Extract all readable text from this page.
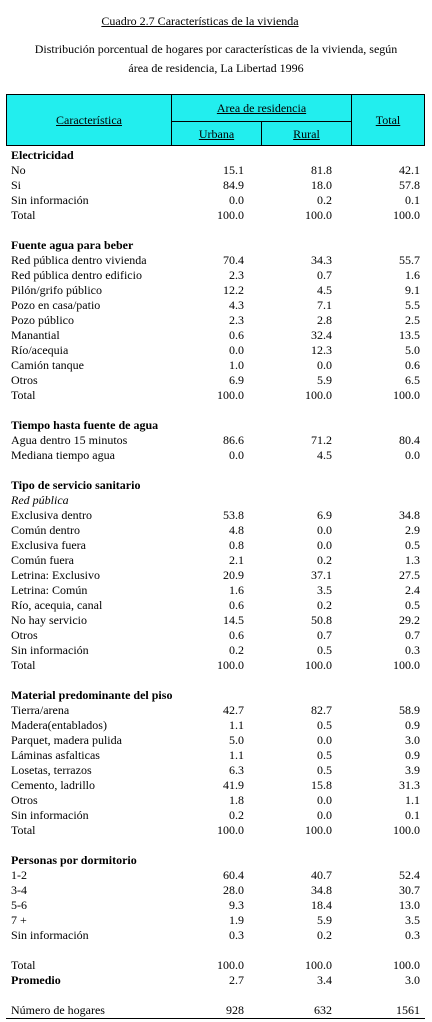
Cuadro 2.7 Características de la vivienda
Distribución porcentual de hogares por características de la vivienda, según
área de residencia, La Libertad 1996
Característica
Area de residencia
Urbana	Rural
Total
Electricidad
No	15.1	81.8	42.1
Si	84.9	18.0	57.8
Sin información	0.0	0.2	0.1
Total	100.0	100.0	100.0
Fuente agua para beber
Red pública dentro vivienda	70.4	34.3	55.7
Red pública dentro edificio	2.3	0.7	1.6
Pilón/grifo público	12.2	4.5	9.1
Pozo en casa/patio	4.3	7.1	5.5
Pozo público	2.3	2.8	2.5
Manantial	0.6	32.4	13.5
Río/acequia	0.0	12.3	5.0
Camión tanque	1.0	0.0	0.6
Otros	6.9	5.9	6.5
Total	100.0	100.0	100.0
Tiempo hasta fuente de agua
Agua dentro 15 minutos	86.6	71.2	80.4
Mediana tiempo agua	0.0	4.5	0.0
Tipo de servicio sanitario
Red pública
Exclusiva dentro	53.8	6.9	34.8
Común dentro	4.8	0.0	2.9
Exclusiva fuera	0.8	0.0	0.5
Común fuera	2.1	0.2	1.3
Letrina: Exclusivo	20.9	37.1	27.5
Letrina: Común	1.6	3.5	2.4
Río, acequia, canal	0.6	0.2	0.5
No hay servicio	14.5	50.8	29.2
Otros	0.6	0.7	0.7
Sin información	0.2	0.5	0.3
Total	100.0	100.0	100.0
Material predominante del piso
Tierra/arena	42.7	82.7	58.9
Madera(entablados)	1.1	0.5	0.9
Parquet, madera pulida	5.0	0.0	3.0
Láminas asfalticas	1.1	0.5	0.9
Losetas, terrazos	6.3	0.5	3.9
Cemento, ladrillo	41.9	15.8	31.3
Otros	1.8	0.0	1.1
Sin información	0.2	0.0	0.1
Total	100.0	100.0	100.0
Personas por dormitorio
1-2	60.4	40.7	52.4
3-4	28.0	34.8	30.7
5-6	9.3	18.4	13.0
7 +	1.9	5.9	3.5
Sin información	0.3	0.2	0.3
Total	100.0	100.0	100.0
Promedio	2.7	3.4	3.0
Número de hogares	928	632	1561
